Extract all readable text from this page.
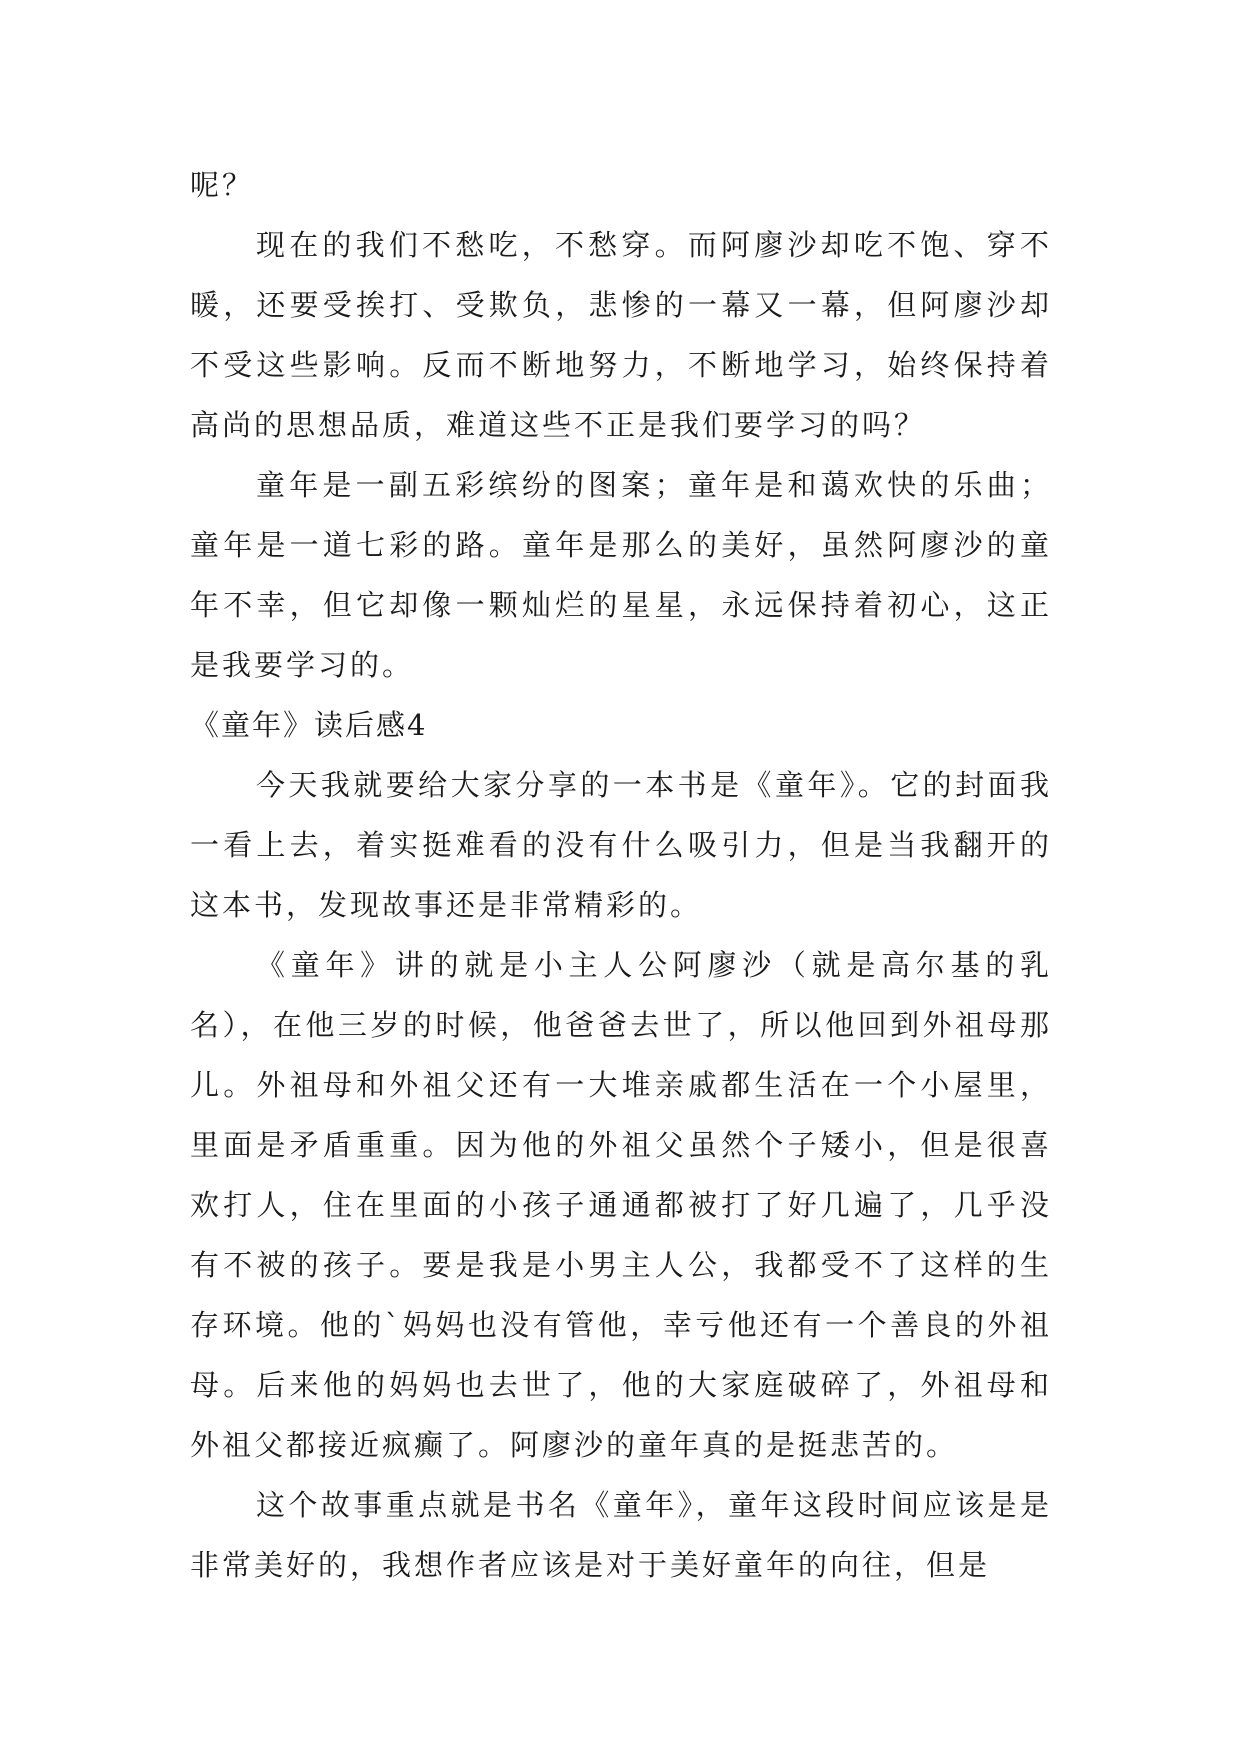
呢？

现在的我们不愁吃，不愁穿。而阿廖沙却吃不饱、穿不暖，还要受挨打、受欺负，悲惨的一幕又一幕，但阿廖沙却不受这些影响。反而不断地努力，不断地学习，始终保持着高尚的思想品质，难道这些不正是我们要学习的吗？

童年是一副五彩缤纷的图案；童年是和蔼欢快的乐曲；童年是一道七彩的路。童年是那么的美好，虽然阿廖沙的童年不幸，但它却像一颗灿烂的星星，永远保持着初心，这正是我要学习的。

《童年》读后感4

今天我就要给大家分享的一本书是《童年》。它的封面我一看上去，着实挺难看的没有什么吸引力，但是当我翻开的这本书，发现故事还是非常精彩的。

《童年》讲的就是小主人公阿廖沙（就是高尔基的乳名），在他三岁的时候，他爸爸去世了，所以他回到外祖母那儿。外祖母和外祖父还有一大堆亲戚都生活在一个小屋里，里面是矛盾重重。因为他的外祖父虽然个子矮小，但是很喜欢打人，住在里面的小孩子通通都被打了好几遍了，几乎没有不被的孩子。要是我是小男主人公，我都受不了这样的生存环境。他的`妈妈也没有管他，幸亏他还有一个善良的外祖母。后来他的妈妈也去世了，他的大家庭破碎了，外祖母和外祖父都接近疯癫了。阿廖沙的童年真的是挺悲苦的。

这个故事重点就是书名《童年》，童年这段时间应该是是非常美好的，我想作者应该是对于美好童年的向往，但是
